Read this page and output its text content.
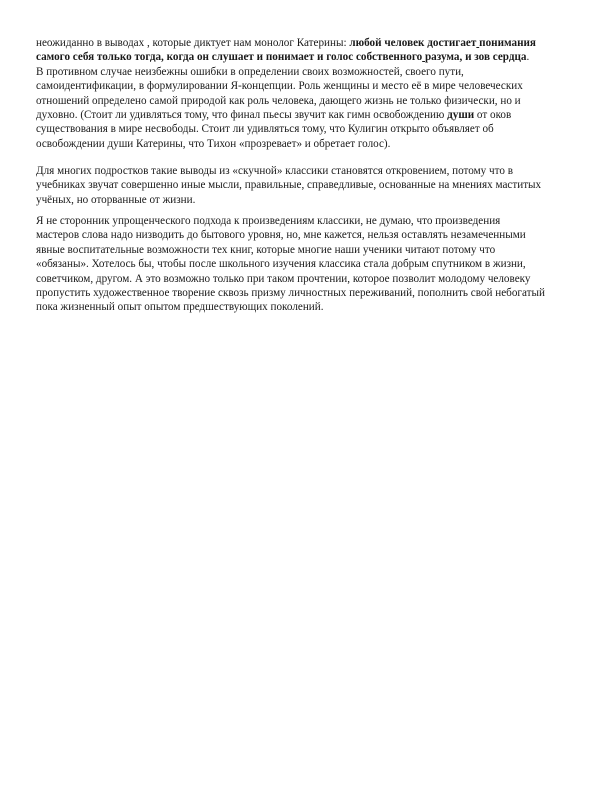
неожиданно в выводах , которые диктует нам монолог Катерины: любой человек достигает понимания
самого себя только тогда, когда он слушает и понимает и голос собственного разума, и зов сердца.
В противном случае неизбежны ошибки в определении своих возможностей, своего пути,
самоидентификации, в формулировании Я-концепции. Роль женщины и место её в мире человеческих
отношений определено самой природой как роль человека, дающего жизнь не только физически, но и
духовно. (Стоит ли удивляться тому, что финал пьесы звучит как гимн освобождению души от оков
существования в мире несвободы. Стоит ли удивляться тому, что Кулигин открыто объявляет об
освобождении души Катерины, что Тихон «прозревает» и обретает голос).
Для многих подростков такие выводы из «скучной» классики становятся откровением, потому что в
учебниках звучат совершенно иные мысли, правильные, справедливые, основанные на мнениях маститых
учёных, но оторванные от жизни.
Я не сторонник упрощенческого подхода к произведениям классики, не думаю, что произведения
мастеров слова надо низводить до бытового уровня, но, мне кажется, нельзя оставлять незамеченными
явные воспитательные возможности тех книг, которые многие наши ученики читают потому что
«обязаны». Хотелось бы, чтобы после школьного изучения классика стала добрым спутником в жизни,
советчиком, другом. А это возможно только при таком прочтении, которое позволит молодому человеку
пропустить художественное творение сквозь призму личностных переживаний, пополнить свой небогатый
пока жизненный опыт опытом предшествующих поколений.
